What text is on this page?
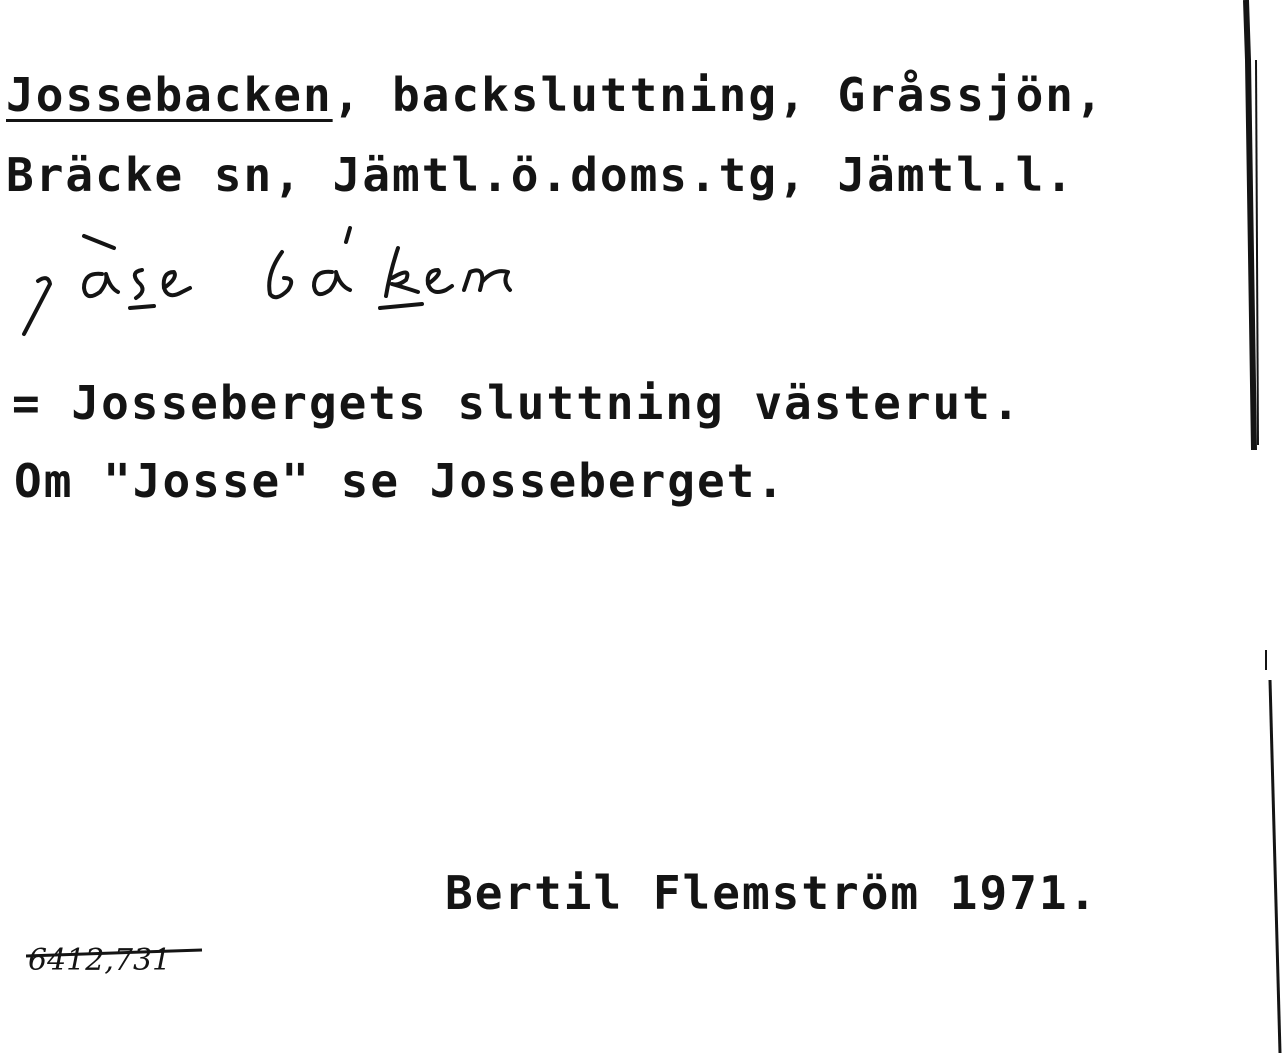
Jossebacken, backsluttning, Gråssjön,
Bräcke sn, Jämtl.ö.doms.tg, Jämtl.l.
jåsebåken
= Jossebergets sluttning västerut.
Om "Josse" se Josseberget.
Bertil Flemström 1971.
6412,731
